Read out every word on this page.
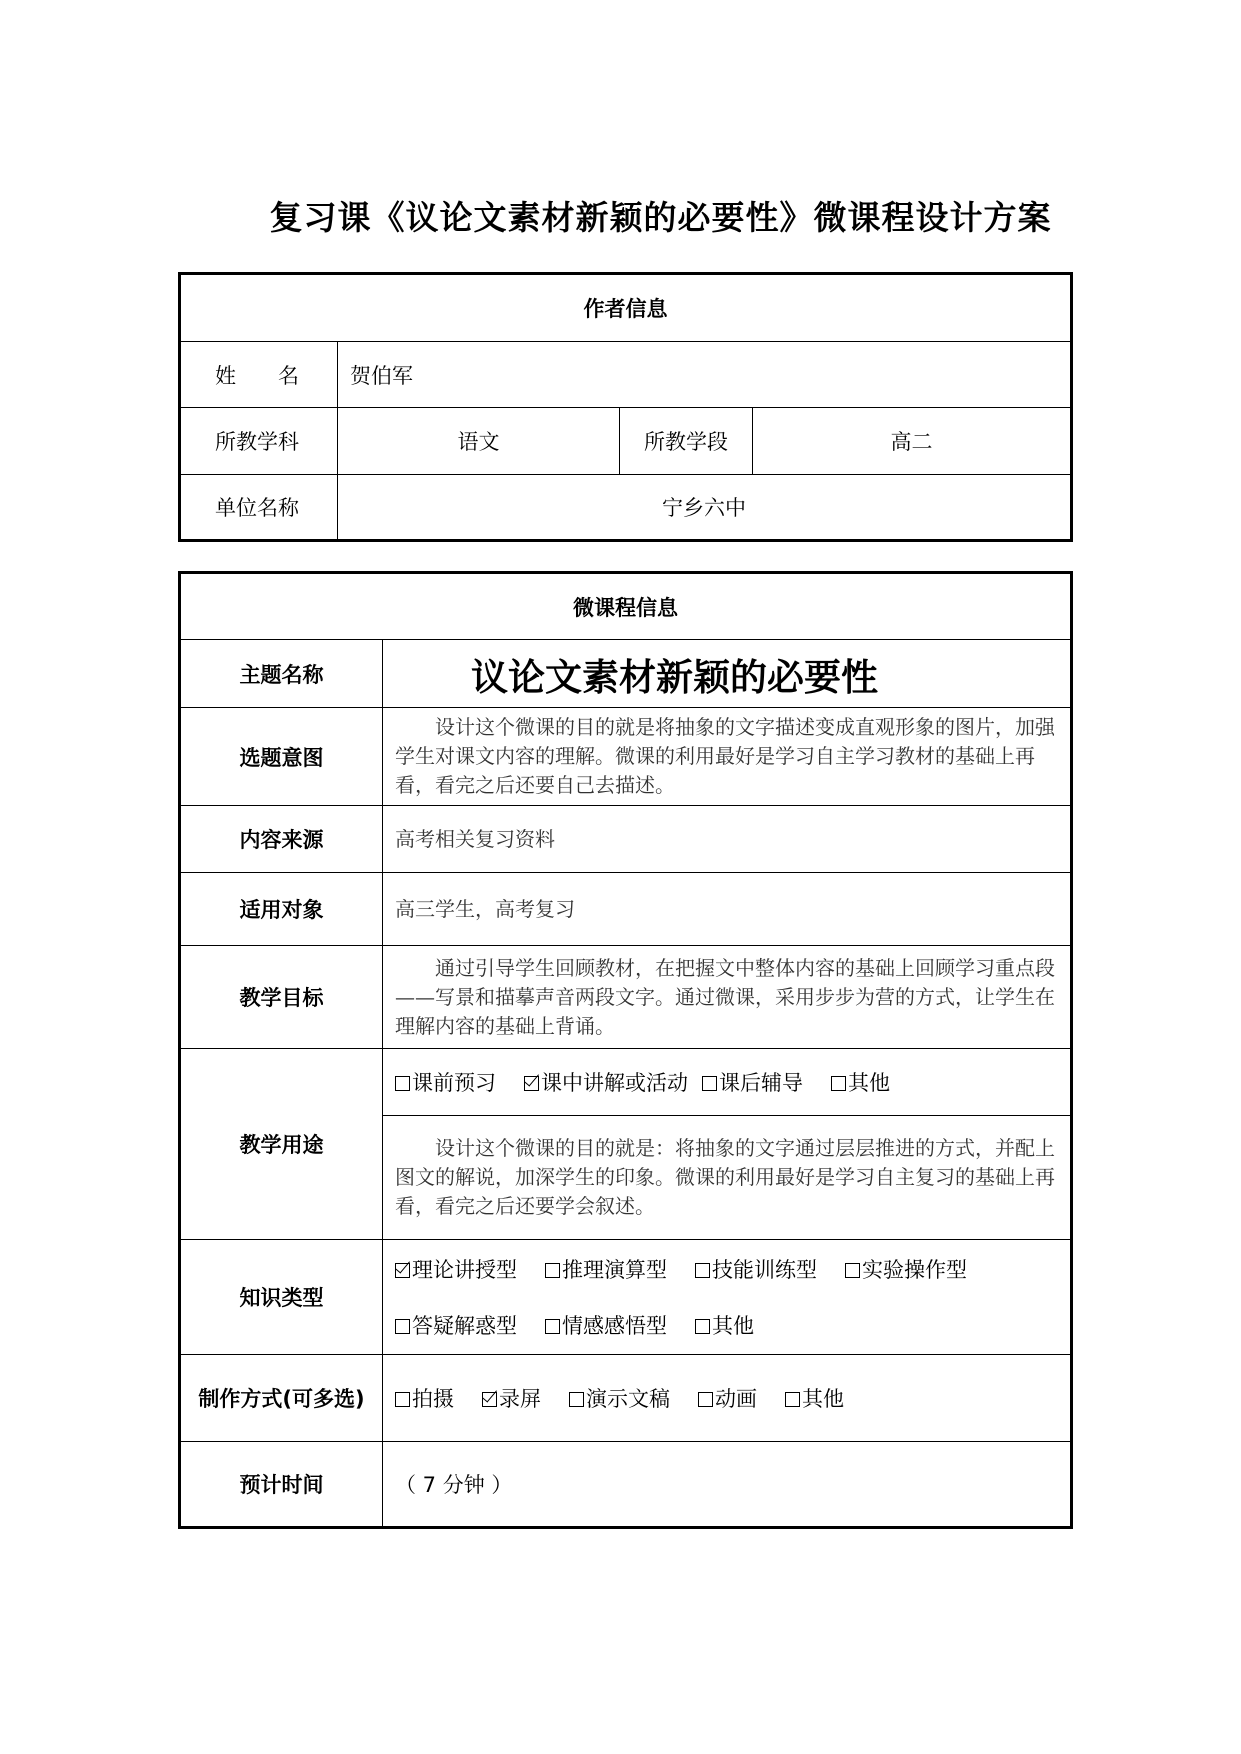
复习课《议论文素材新颖的必要性》微课程设计方案
作者信息			
姓　　名	贺伯军		
所教学科	语文	所教学段	高二
单位名称	宁乡六中		
微课程信息	
主题名称	议论文素材新颖的必要性
选题意图	设计这个微课的目的就是将抽象的文字描述变成直观形象的图片，加强学生对课文内容的理解。微课的利用最好是学习自主学习教材的基础上再看，看完之后还要自己去描述。
内容来源	高考相关复习资料
适用对象	高三学生，高考复习
教学目标	通过引导学生回顾教材，在把握文中整体内容的基础上回顾学习重点段——写景和描摹声音两段文字。通过微课，采用步步为营的方式，让学生在理解内容的基础上背诵。
教学用途	课前预习 课中讲解或活动 课后辅导 其他
	设计这个微课的目的就是：将抽象的文字通过层层推进的方式，并配上图文的解说，加深学生的印象。微课的利用最好是学习自主复习的基础上再看，看完之后还要学会叙述。
知识类型	理论讲授型 推理演算型 技能训练型 实验操作型
答疑解惑型 情感感悟型 其他

制作方式(可多选)	拍摄 录屏 演示文稿 动画 其他
预计时间	（ 7 分钟 ）
